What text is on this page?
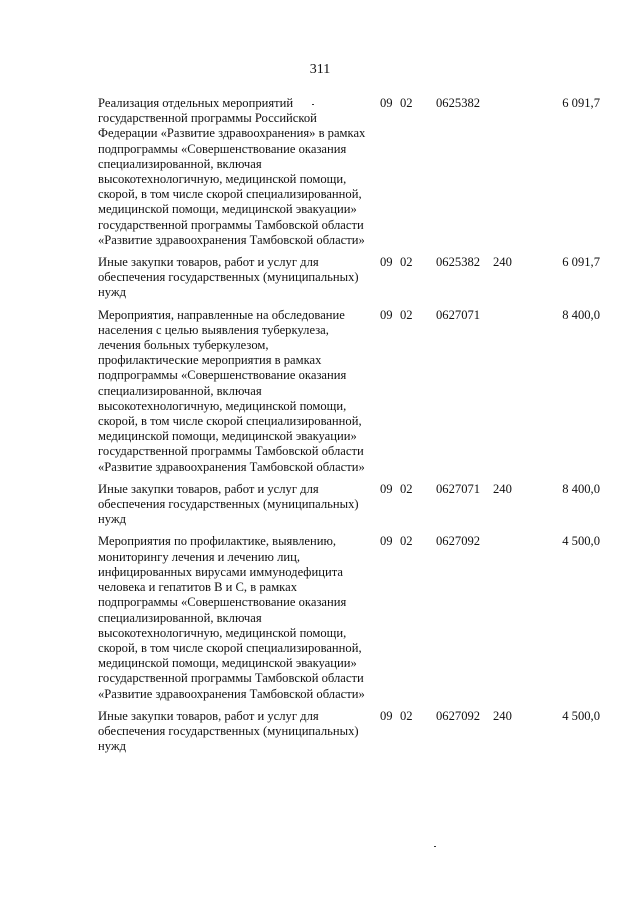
311
Реализация отдельных мероприятий государственной программы Российской Федерации «Развитие здравоохранения» в рамках подпрограммы «Совершенствование оказания специализированной, включая высокотехнологичную, медицинской помощи, скорой, в том числе скорой специализированной, медицинской помощи, медицинской эвакуации» государственной программы Тамбовской области «Развитие здравоохранения Тамбовской области»
09 02 0625382	6 091,7
Иные закупки товаров, работ и услуг для обеспечения государственных (муниципальных) нужд
09 02 0625382 240	6 091,7
Мероприятия, направленные на обследование населения с целью выявления туберкулеза, лечения больных туберкулезом, профилактические мероприятия в рамках подпрограммы «Совершенствование оказания специализированной, включая высокотехнологичную, медицинской помощи, скорой, в том числе скорой специализированной, медицинской помощи, медицинской эвакуации» государственной программы Тамбовской области «Развитие здравоохранения Тамбовской области»
09 02 0627071	8 400,0
Иные закупки товаров, работ и услуг для обеспечения государственных (муниципальных) нужд
09 02 0627071 240	8 400,0
Мероприятия по профилактике, выявлению, мониторингу лечения и лечению лиц, инфицированных вирусами иммунодефицита человека и гепатитов В и С, в рамках подпрограммы «Совершенствование оказания специализированной, включая высокотехнологичную, медицинской помощи, скорой, в том числе скорой специализированной, медицинской помощи, медицинской эвакуации» государственной программы Тамбовской области «Развитие здравоохранения Тамбовской области»
09 02 0627092	4 500,0
Иные закупки товаров, работ и услуг для обеспечения государственных (муниципальных) нужд
09 02 0627092 240	4 500,0
